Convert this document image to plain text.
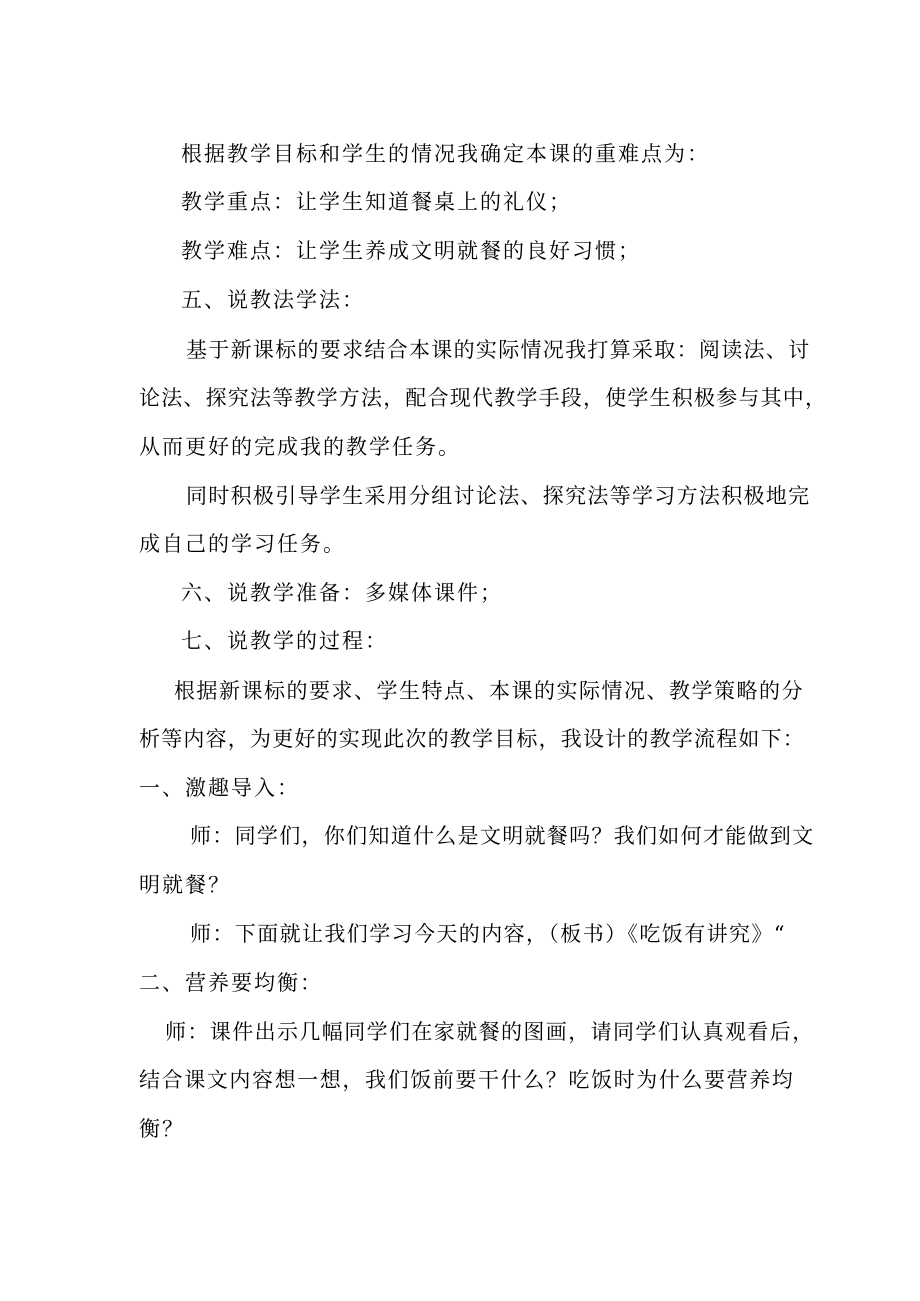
根据教学目标和学生的情况我确定本课的重难点为：
教学重点：让学生知道餐桌上的礼仪；
教学难点：让学生养成文明就餐的良好习惯；
五、说教法学法：
基于新课标的要求结合本课的实际情况我打算采取：阅读法、讨
论法、探究法等教学方法，配合现代教学手段，使学生积极参与其中，
从而更好的完成我的教学任务。
同时积极引导学生采用分组讨论法、探究法等学习方法积极地完
成自己的学习任务。
六、说教学准备：多媒体课件；
七、说教学的过程：
根据新课标的要求、学生特点、本课的实际情况、教学策略的分
析等内容，为更好的实现此次的教学目标，我设计的教学流程如下：
一、激趣导入：
师：同学们，你们知道什么是文明就餐吗？我们如何才能做到文
明就餐？
师：下面就让我们学习今天的内容，（板书）《吃饭有讲究》“
二、营养要均衡：
师：课件出示几幅同学们在家就餐的图画，请同学们认真观看后，
结合课文内容想一想，我们饭前要干什么？吃饭时为什么要营养均
衡？
